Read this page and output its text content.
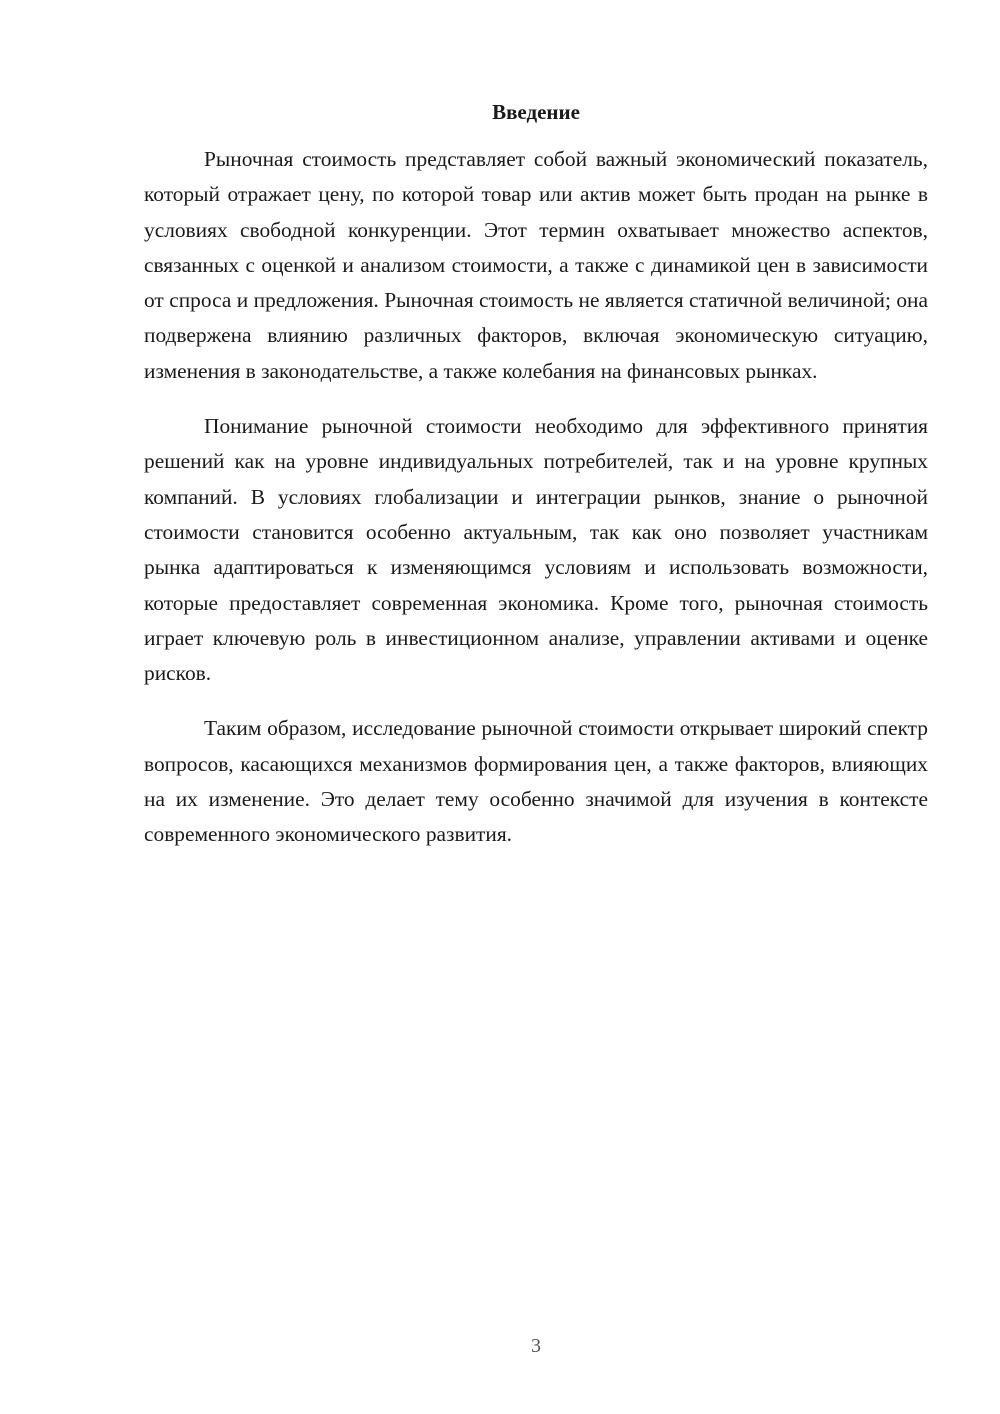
Введение

Рыночная стоимость представляет собой важный экономический показатель, который отражает цену, по которой товар или актив может быть продан на рынке в условиях свободной конкуренции. Этот термин охватывает множество аспектов, связанных с оценкой и анализом стоимости, а также с динамикой цен в зависимости от спроса и предложения. Рыночная стоимость не является статичной величиной; она подвержена влиянию различных факторов, включая экономическую ситуацию, изменения в законодательстве, а также колебания на финансовых рынках.

Понимание рыночной стоимости необходимо для эффективного принятия решений как на уровне индивидуальных потребителей, так и на уровне крупных компаний. В условиях глобализации и интеграции рынков, знание о рыночной стоимости становится особенно актуальным, так как оно позволяет участникам рынка адаптироваться к изменяющимся условиям и использовать возможности, которые предоставляет современная экономика. Кроме того, рыночная стоимость играет ключевую роль в инвестиционном анализе, управлении активами и оценке рисков.

Таким образом, исследование рыночной стоимости открывает широкий спектр вопросов, касающихся механизмов формирования цен, а также факторов, влияющих на их изменение. Это делает тему особенно значимой для изучения в контексте современного экономического развития.

3
